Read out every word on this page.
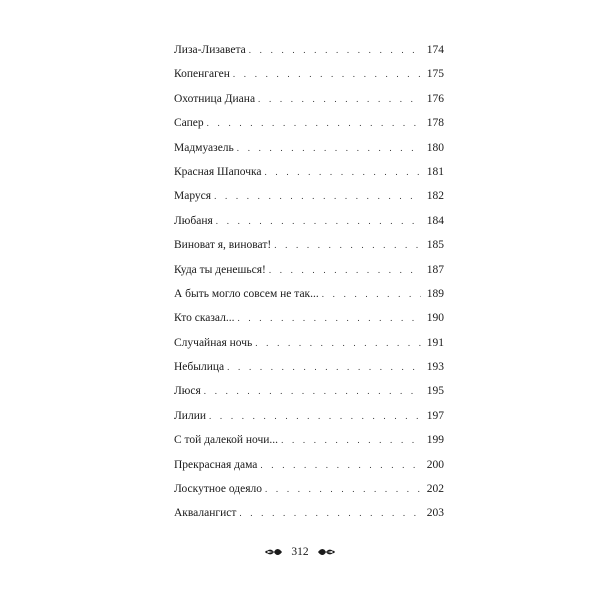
Лиза-Лизавета . . .	174
Копенгаген . . .	175
Охотница Диана . . .	176
Сапер . . .	178
Мадмуазель . . .	180
Красная Шапочка . . .	181
Маруся . . .	182
Любаня . . .	184
Виноват я, виноват! . . .	185
Куда ты денешься! . . .	187
А быть могло совсем не так... . . .	189
Кто сказал... . . .	190
Случайная ночь . . .	191
Небылица . . .	193
Люся . . .	195
Лилии . . .	197
С той далекой ночи... . . .	199
Прекрасная дама . . .	200
Лоскутное одеяло . . .	202
Аквалангист . . .	203
312
